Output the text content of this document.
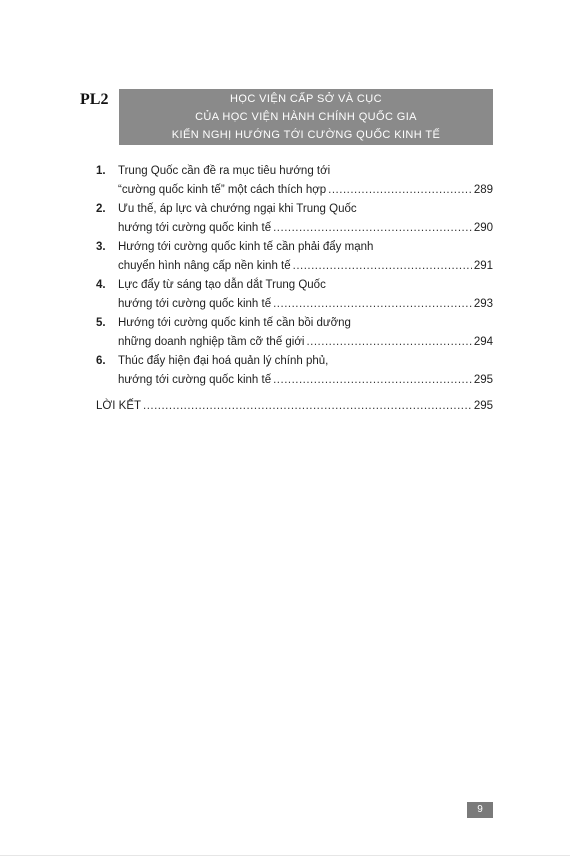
PL2	HỌC VIỆN CẤP SỞ VÀ CỤC
CỦA HỌC VIỆN HÀNH CHÍNH QUỐC GIA
KIẾN NGHỊ HƯỚNG TỚI CƯỜNG QUỐC KINH TẾ
1.	Trung Quốc cần đề ra mục tiêu hướng tới
“cường quốc kinh tế” một cách thích hợp .....	289
2.	Ưu thế, áp lực và chướng ngại khi Trung Quốc
hướng tới cường quốc kinh tế .....	290
3.	Hướng tới cường quốc kinh tế cần phải đẩy mạnh
chuyển hình nâng cấp nền kinh tế .....	291
4.	Lực đẩy từ sáng tạo dẫn dắt Trung Quốc
hướng tới cường quốc kinh tế .....	293
5.	Hướng tới cường quốc kinh tế cần bồi dưỡng
những doanh nghiệp tầm cỡ thế giới .....	294
6.	Thúc đẩy hiện đại hoá quản lý chính phủ,
hướng tới cường quốc kinh tế .....	295
LỜI KẾT .....	295
9
